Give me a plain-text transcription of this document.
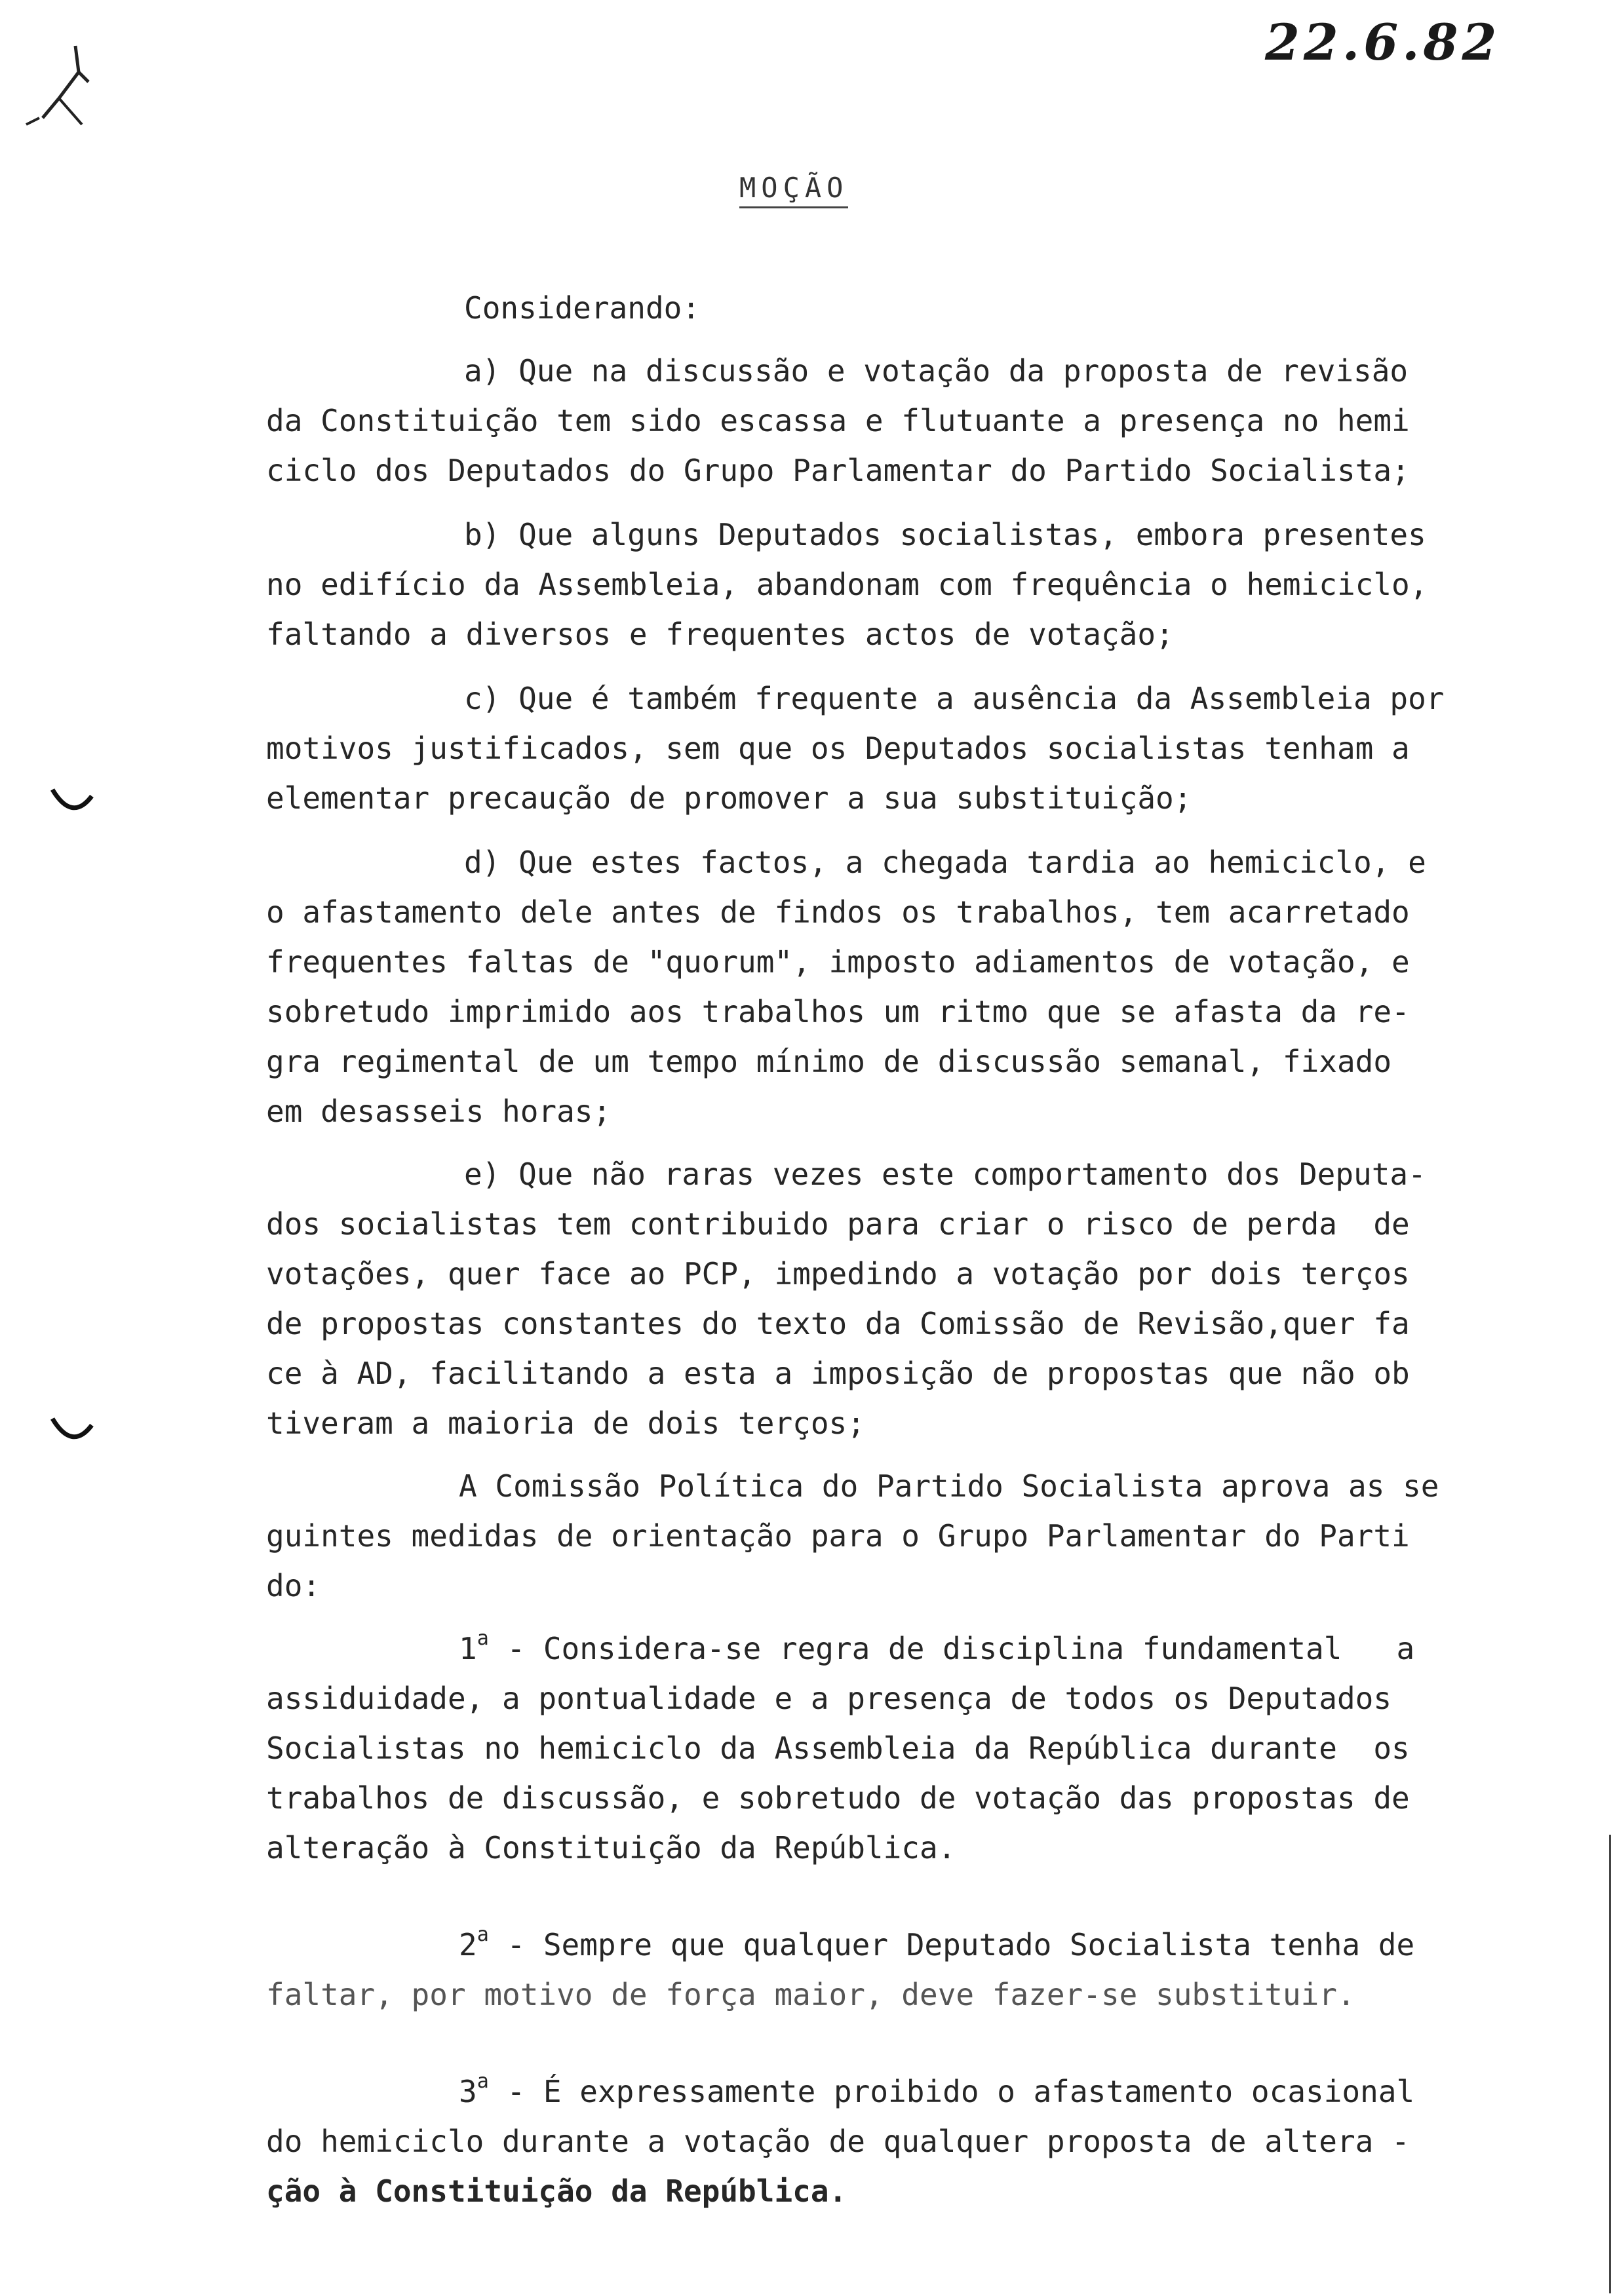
22.6.82
MOÇÃO
Considerando:
a) Que na discussão e votação da proposta de revisão
da Constituição tem sido escassa e flutuante a presença no hemi
ciclo dos Deputados do Grupo Parlamentar do Partido Socialista;
b) Que alguns Deputados socialistas, embora presentes
no edifício da Assembleia, abandonam com frequência o hemiciclo,
faltando a diversos e frequentes actos de votação;
c) Que é também frequente a ausência da Assembleia por
motivos justificados, sem que os Deputados socialistas tenham a
elementar precaução de promover a sua substituição;
d) Que estes factos, a chegada tardia ao hemiciclo, e
o afastamento dele antes de findos os trabalhos, tem acarretado
frequentes faltas de "quorum", imposto adiamentos de votação, e
sobretudo imprimido aos trabalhos um ritmo que se afasta da re-
gra regimental de um tempo mínimo de discussão semanal, fixado
em desasseis horas;
e) Que não raras vezes este comportamento dos Deputa-
dos socialistas tem contribuido para criar o risco de perda  de
votações, quer face ao PCP, impedindo a votação por dois terços
de propostas constantes do texto da Comissão de Revisão,quer fa
ce à AD, facilitando a esta a imposição de propostas que não ob
tiveram a maioria de dois terços;
A Comissão Política do Partido Socialista aprova as se
guintes medidas de orientação para o Grupo Parlamentar do Parti
do:
1$^a$ - Considera-se regra de disciplina fundamental   a
assiduidade, a pontualidade e a presença de todos os Deputados
Socialistas no hemiciclo da Assembleia da República durante  os
trabalhos de discussão, e sobretudo de votação das propostas de
alteração à Constituição da República.
2$^a$ - Sempre que qualquer Deputado Socialista tenha de
faltar, por motivo de força maior, deve fazer-se substituir.
3$^a$ - É expressamente proibido o afastamento ocasional
do hemiciclo durante a votação de qualquer proposta de altera -
ção à Constituição da República.
